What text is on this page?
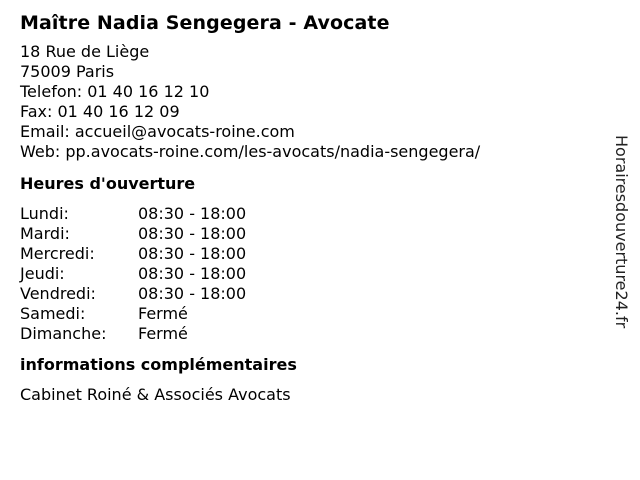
Maître Nadia Sengegera - Avocate
18 Rue de Liège
75009 Paris
Telefon: 01 40 16 12 10
Fax: 01 40 16 12 09
Email: accueil@avocats-roine.com
Web: pp.avocats-roine.com/les-avocats/nadia-sengegera/
Heures d'ouverture
Lundi:	08:30 - 18:00
Mardi:	08:30 - 18:00
Mercredi:	08:30 - 18:00
Jeudi:	08:30 - 18:00
Vendredi:	08:30 - 18:00
Samedi:	Fermé
Dimanche:	Fermé
informations complémentaires
Cabinet Roiné & Associés Avocats
Horairesdouverture24.fr
